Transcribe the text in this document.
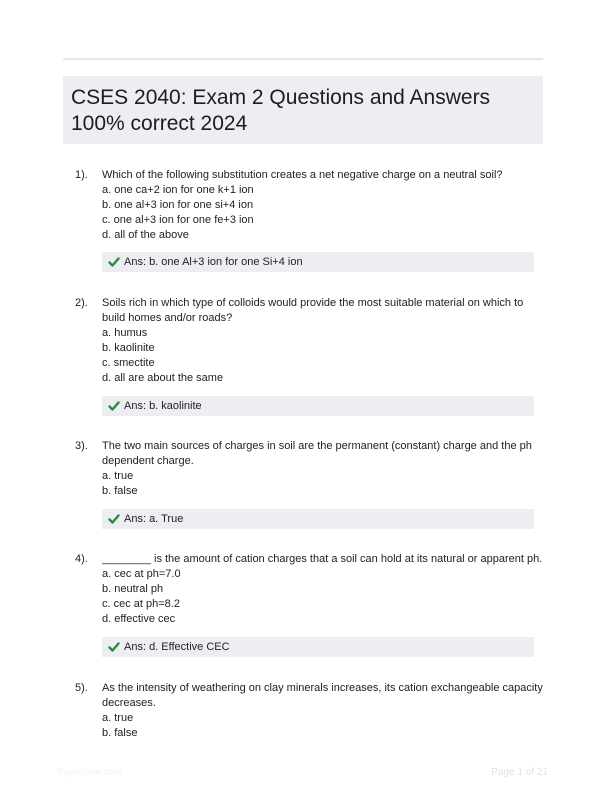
CSES 2040: Exam 2 Questions and Answers
100% correct 2024
1).	Which of the following substitution creates a net negative charge on a neutral soil?
a. one ca+2 ion for one k+1 ion
b. one al+3 ion for one si+4 ion
c. one al+3 ion for one fe+3 ion
d. all of the above
Ans: b. one Al+3 ion for one Si+4 ion
2).	Soils rich in which type of colloids would provide the most suitable material on which to
build homes and/or roads?
a. humus
b. kaolinite
c. smectite
d. all are about the same
Ans: b. kaolinite
3).	The two main sources of charges in soil are the permanent (constant) charge and the ph
dependent charge.
a. true
b. false
Ans: a. True
4).	________ is the amount of cation charges that a soil can hold at its natural or apparent ph.
a. cec at ph=7.0
b. neutral ph
c. cec at ph=8.2
d. effective cec
Ans: d. Effective CEC
5).	As the intensity of weathering on clay minerals increases, its cation exchangeable capacity
decreases.
a. true
b. false
PaperSible.com	Page 1 of 21
